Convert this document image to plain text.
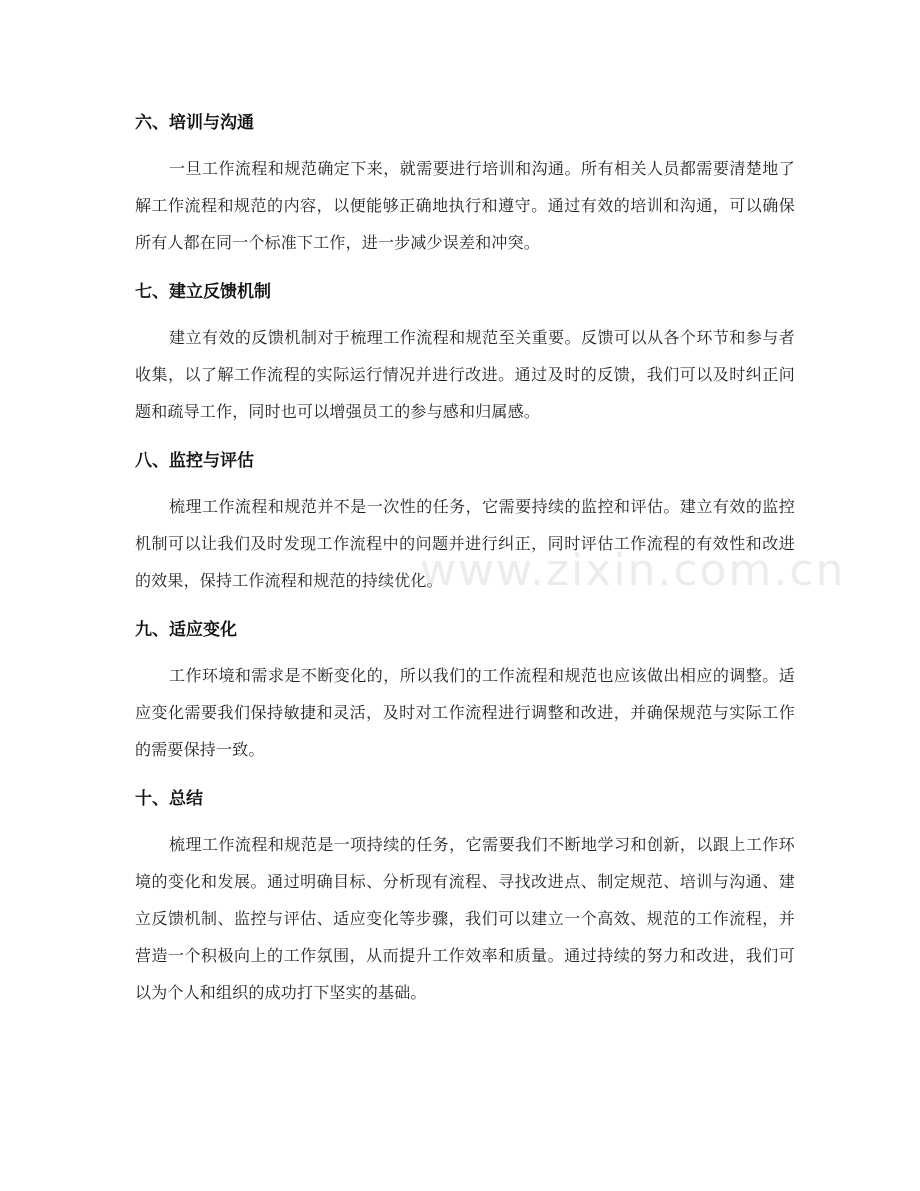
六、培训与沟通

一旦工作流程和规范确定下来，就需要进行培训和沟通。所有相关人员都需要清楚地了解工作流程和规范的内容，以便能够正确地执行和遵守。通过有效的培训和沟通，可以确保所有人都在同一个标准下工作，进一步减少误差和冲突。

七、建立反馈机制

建立有效的反馈机制对于梳理工作流程和规范至关重要。反馈可以从各个环节和参与者收集，以了解工作流程的实际运行情况并进行改进。通过及时的反馈，我们可以及时纠正问题和疏导工作，同时也可以增强员工的参与感和归属感。

八、监控与评估

梳理工作流程和规范并不是一次性的任务，它需要持续的监控和评估。建立有效的监控机制可以让我们及时发现工作流程中的问题并进行纠正，同时评估工作流程的有效性和改进的效果，保持工作流程和规范的持续优化。

九、适应变化

工作环境和需求是不断变化的，所以我们的工作流程和规范也应该做出相应的调整。适应变化需要我们保持敏捷和灵活，及时对工作流程进行调整和改进，并确保规范与实际工作的需要保持一致。

十、总结

梳理工作流程和规范是一项持续的任务，它需要我们不断地学习和创新，以跟上工作环境的变化和发展。通过明确目标、分析现有流程、寻找改进点、制定规范、培训与沟通、建立反馈机制、监控与评估、适应变化等步骤，我们可以建立一个高效、规范的工作流程，并营造一个积极向上的工作氛围，从而提升工作效率和质量。通过持续的努力和改进，我们可以为个人和组织的成功打下坚实的基础。

www.zixin.com.cn
